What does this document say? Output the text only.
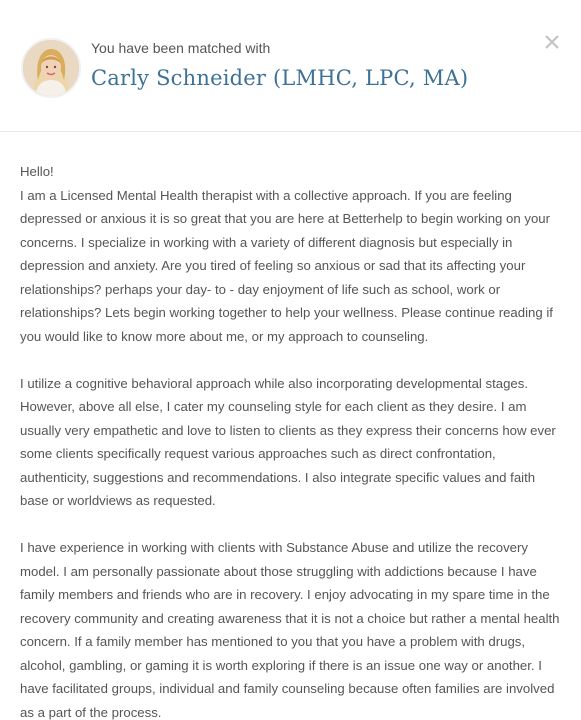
You have been matched with
Carly Schneider (LMHC, LPC, MA)

Hello!
I am a Licensed Mental Health therapist with a collective approach. If you are feeling depressed or anxious it is so great that you are here at Betterhelp to begin working on your concerns. I specialize in working with a variety of different diagnosis but especially in depression and anxiety. Are you tired of feeling so anxious or sad that its affecting your relationships? perhaps your day- to - day enjoyment of life such as school, work or relationships? Lets begin working together to help your wellness. Please continue reading if you would like to know more about me, or my approach to counseling.

I utilize a cognitive behavioral approach while also incorporating developmental stages. However, above all else, I cater my counseling style for each client as they desire. I am usually very empathetic and love to listen to clients as they express their concerns how ever some clients specifically request various approaches such as direct confrontation, authenticity, suggestions and recommendations. I also integrate specific values and faith base or worldviews as requested.

I have experience in working with clients with Substance Abuse and utilize the recovery model. I am personally passionate about those struggling with addictions because I have family members and friends who are in recovery. I enjoy advocating in my spare time in the recovery community and creating awareness that it is not a choice but rather a mental health concern. If a family member has mentioned to you that you have a problem with drugs, alcohol, gambling, or gaming it is worth exploring if there is an issue one way or another. I have facilitated groups, individual and family counseling because often families are involved as a part of the process.
